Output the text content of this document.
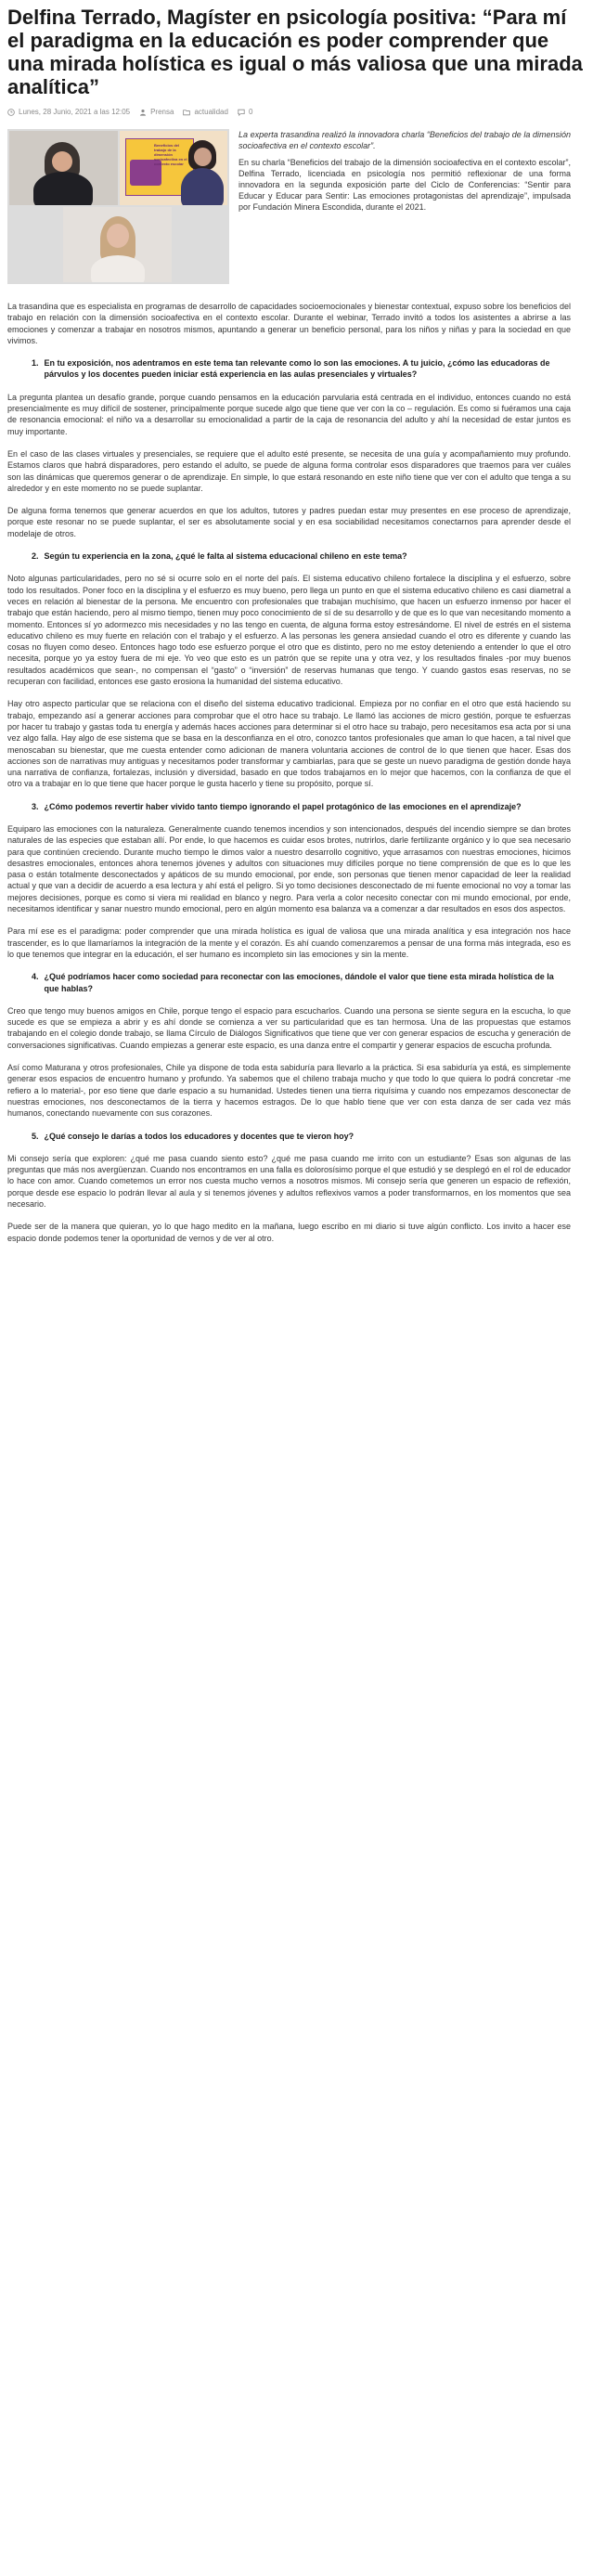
Delfina Terrado, Magíster en psicología positiva: “Para mí el paradigma en la educación es poder comprender que una mirada holística es igual o más valiosa que una mirada analítica”
Lunes, 28 Junio, 2021 a las 12:05	Prensa	actualidad	0
Beneficios del trabajo de la dimensión socioafectiva en el contexto escolar

La experta trasandina realizó la innovadora charla “Beneficios del trabajo de la dimensión socioafectiva en el contexto escolar”.

En su charla “Beneficios del trabajo de la dimensión socioafectiva en el contexto escolar”, Delfina Terrado, licenciada en psicología nos permitió reflexionar de una forma innovadora en la segunda exposición parte del Ciclo de Conferencias: “Sentir para Educar y Educar para Sentir: Las emociones protagonistas del aprendizaje”, impulsada por Fundación Minera Escondida, durante el 2021.

La trasandina que es especialista en programas de desarrollo de capacidades socioemocionales y bienestar contextual, expuso sobre los beneficios del trabajo en relación con la dimensión socioafectiva en el contexto escolar. Durante el webinar, Terrado invitó a todos los asistentes a abrirse a las emociones y comenzar a trabajar en nosotros mismos, apuntando a generar un beneficio personal, para los niños y niñas y para la sociedad en que vivimos.

1. En tu exposición, nos adentramos en este tema tan relevante como lo son las emociones. A tu juicio, ¿cómo las educadoras de párvulos y los docentes pueden iniciar está experiencia en las aulas presenciales y virtuales?

La pregunta plantea un desafío grande, porque cuando pensamos en la educación parvularia está centrada en el individuo, entonces cuando no está presencialmente es muy difícil de sostener, principalmente porque sucede algo que tiene que ver con la co – regulación. Es como si fuéramos una caja de resonancia emocional: el niño va a desarrollar su emocionalidad a partir de la caja de resonancia del adulto y ahí la necesidad de estar juntos es muy importante.

En el caso de las clases virtuales y presenciales, se requiere que el adulto esté presente, se necesita de una guía y acompañamiento muy profundo. Estamos claros que habrá disparadores, pero estando el adulto, se puede de alguna forma controlar esos disparadores que traemos para ver cuáles son las dinámicas que queremos generar o de aprendizaje. En simple, lo que estará resonando en este niño tiene que ver con el adulto que tenga a su alrededor y en este momento no se puede suplantar.

De alguna forma tenemos que generar acuerdos en que los adultos, tutores y padres puedan estar muy presentes en ese proceso de aprendizaje, porque este resonar no se puede suplantar, el ser es absolutamente social y en esa sociabilidad necesitamos conectarnos para aprender desde el modelaje de otros.

2. Según tu experiencia en la zona, ¿qué le falta al sistema educacional chileno en este tema?

Noto algunas particularidades, pero no sé si ocurre solo en el norte del país. El sistema educativo chileno fortalece la disciplina y el esfuerzo, sobre todo los resultados. Poner foco en la disciplina y el esfuerzo es muy bueno, pero llega un punto en que el sistema educativo chileno es casi diametral a veces en relación al bienestar de la persona. Me encuentro con profesionales que trabajan muchísimo, que hacen un esfuerzo inmenso por hacer el trabajo que están haciendo, pero al mismo tiempo, tienen muy poco conocimiento de sí de su desarrollo y de que es lo que van necesitando momento a momento. Entonces sí yo adormezco mis necesidades y no las tengo en cuenta, de alguna forma estoy estresándome. El nivel de estrés en el sistema educativo chileno es muy fuerte en relación con el trabajo y el esfuerzo. A las personas les genera ansiedad cuando el otro es diferente y cuando las cosas no fluyen como deseo. Entonces hago todo ese esfuerzo porque el otro que es distinto, pero no me estoy deteniendo a entender lo que el otro necesita, porque yo ya estoy fuera de mi eje. Yo veo que esto es un patrón que se repite una y otra vez, y los resultados finales -por muy buenos resultados académicos que sean-, no compensan el “gasto” o “inversión” de reservas humanas que tengo. Y cuando gastos esas reservas, no se recuperan con facilidad, entonces ese gasto erosiona la humanidad del sistema educativo.

Hay otro aspecto particular que se relaciona con el diseño del sistema educativo tradicional. Empieza por no confiar en el otro que está haciendo su trabajo, empezando así a generar acciones para comprobar que el otro hace su trabajo. Le llamó las acciones de micro gestión, porque te esfuerzas por hacer tu trabajo y gastas toda tu energía y además haces acciones para determinar si el otro hace su trabajo, pero necesitamos esa acta por si una vez algo falla. Hay algo de ese sistema que se basa en la desconfianza en el otro, conozco tantos profesionales que aman lo que hacen, a tal nivel que menoscaban su bienestar, que me cuesta entender como adicionan de manera voluntaria acciones de control de lo que tienen que hacer. Esas dos acciones son de narrativas muy antiguas y necesitamos poder transformar y cambiarlas, para que se geste un nuevo paradigma de gestión donde haya una narrativa de confianza, fortalezas, inclusión y diversidad, basado en que todos trabajamos en lo mejor que hacemos, con la confianza de que el otro va a trabajar en lo que tiene que hacer porque le gusta hacerlo y tiene su propósito, porque sí.

3. ¿Cómo podemos revertir haber vivido tanto tiempo ignorando el papel protagónico de las emociones en el aprendizaje?

Equiparo las emociones con la naturaleza. Generalmente cuando tenemos incendios y son intencionados, después del incendio siempre se dan brotes naturales de las especies que estaban allí. Por ende, lo que hacemos es cuidar esos brotes, nutrirlos, darle fertilizante orgánico y lo que sea necesario para que continúen creciendo. Durante mucho tiempo le dimos valor a nuestro desarrollo cognitivo, yque arrasamos con nuestras emociones, hicimos desastres emocionales, entonces ahora tenemos jóvenes y adultos con situaciones muy difíciles porque no tiene comprensión de que es lo que les pasa o están totalmente desconectados y apáticos de su mundo emocional, por ende, son personas que tienen menor capacidad de leer la realidad actual y que van a decidir de acuerdo a esa lectura y ahí está el peligro. Si yo tomo decisiones desconectado de mi fuente emocional no voy a tomar las mejores decisiones, porque es como si viera mi realidad en blanco y negro. Para verla a color necesito conectar con mi mundo emocional, por ende, necesitamos identificar y sanar nuestro mundo emocional, pero en algún momento esa balanza va a comenzar a dar resultados en esos dos aspectos.

Para mí ese es el paradigma: poder comprender que una mirada holística es igual de valiosa que una mirada analítica y esa integración nos hace trascender, es lo que llamaríamos la integración de la mente y el corazón. Es ahí cuando comenzaremos a pensar de una forma más integrada, eso es lo que tenemos que integrar en la educación, el ser humano es incompleto sin las emociones y sin la mente.

4. ¿Qué podríamos hacer como sociedad para reconectar con las emociones, dándole el valor que tiene esta mirada holística de la que hablas?

Creo que tengo muy buenos amigos en Chile, porque tengo el espacio para escucharlos. Cuando una persona se siente segura en la escucha, lo que sucede es que se empieza a abrir y es ahí donde se comienza a ver su particularidad que es tan hermosa. Una de las propuestas que estamos trabajando en el colegio donde trabajo, se llama Círculo de Diálogos Significativos que tiene que ver con generar espacios de escucha y generación de conversaciones significativas. Cuando empiezas a generar este espacio, es una danza entre el compartir y generar espacios de escucha profunda.

Así como Maturana y otros profesionales, Chile ya dispone de toda esta sabiduría para llevarlo a la práctica. Si esa sabiduría ya está, es simplemente generar esos espacios de encuentro humano y profundo. Ya sabemos que el chileno trabaja mucho y que todo lo que quiera lo podrá concretar -me refiero a lo material-, por eso tiene que darle espacio a su humanidad. Ustedes tienen una tierra riquísima y cuando nos empezamos desconectar de nuestras emociones, nos desconectamos de la tierra y hacemos estragos. De lo que hablo tiene que ver con esta danza de ser cada vez más humanos, conectando nuevamente con sus corazones.

5. ¿Qué consejo le darías a todos los educadores y docentes que te vieron hoy?

Mi consejo sería que exploren: ¿qué me pasa cuando siento esto? ¿qué me pasa cuando me irrito con un estudiante? Esas son algunas de las preguntas que más nos avergüenzan. Cuando nos encontramos en una falla es dolorosísimo porque el que estudió y se desplegó en el rol de educador lo hace con amor. Cuando cometemos un error nos cuesta mucho vernos a nosotros mismos. Mi consejo sería que generen un espacio de reflexión, porque desde ese espacio lo podrán llevar al aula y si tenemos jóvenes y adultos reflexivos vamos a poder transformarnos, en los momentos que sea necesario.

Puede ser de la manera que quieran, yo lo que hago medito en la mañana, luego escribo en mi diario si tuve algún conflicto. Los invito a hacer ese espacio donde podemos tener la oportunidad de vernos y de ver al otro.
